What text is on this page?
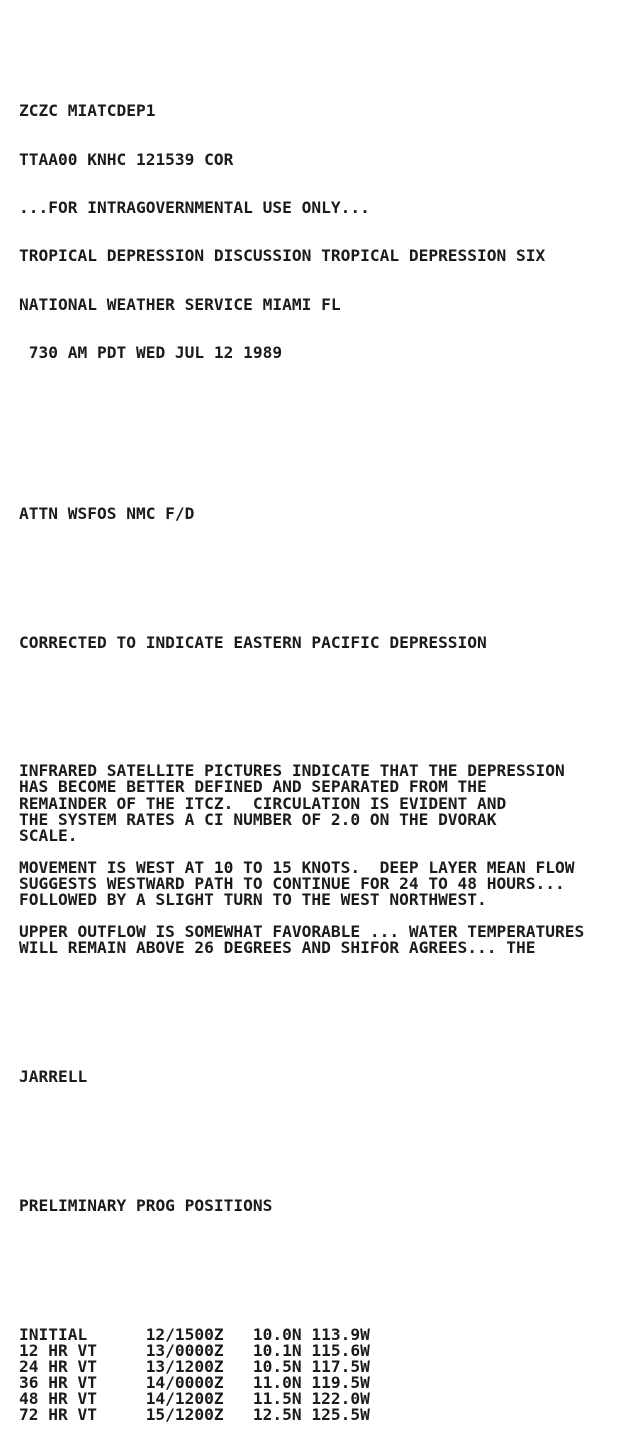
ZCZC MIATCDEP1

TTAA00 KNHC 121539 COR

...FOR INTRAGOVERNMENTAL USE ONLY...

TROPICAL DEPRESSION DISCUSSION TROPICAL DEPRESSION SIX

NATIONAL WEATHER SERVICE MIAMI FL

730 AM PDT WED JUL 12 1989

ATTN WSFOS NMC F/D

CORRECTED TO INDICATE EASTERN PACIFIC DEPRESSION

INFRARED SATELLITE PICTURES INDICATE THAT THE DEPRESSION
HAS BECOME BETTER DEFINED AND SEPARATED FROM THE
REMAINDER OF THE ITCZ.  CIRCULATION IS EVIDENT AND
THE SYSTEM RATES A CI NUMBER OF 2.0 ON THE DVORAK
SCALE.
MOVEMENT IS WEST AT 10 TO 15 KNOTS.  DEEP LAYER MEAN FLOW
SUGGESTS WESTWARD PATH TO CONTINUE FOR 24 TO 48 HOURS...
FOLLOWED BY A SLIGHT TURN TO THE WEST NORTHWEST.
UPPER OUTFLOW IS SOMEWHAT FAVORABLE ... WATER TEMPERATURES
WILL REMAIN ABOVE 26 DEGREES AND SHIFOR AGREES... THE

JARRELL

PRELIMINARY PROG POSITIONS

INITIAL	12/1500Z 10.0N 113.9W
12 HR VT	13/0000Z 10.1N 115.6W
24 HR VT	13/1200Z 10.5N 117.5W
36 HR VT	14/0000Z 11.0N 119.5W
48 HR VT	14/1200Z 11.5N 122.0W
72 HR VT	15/1200Z 12.5N 125.5W
